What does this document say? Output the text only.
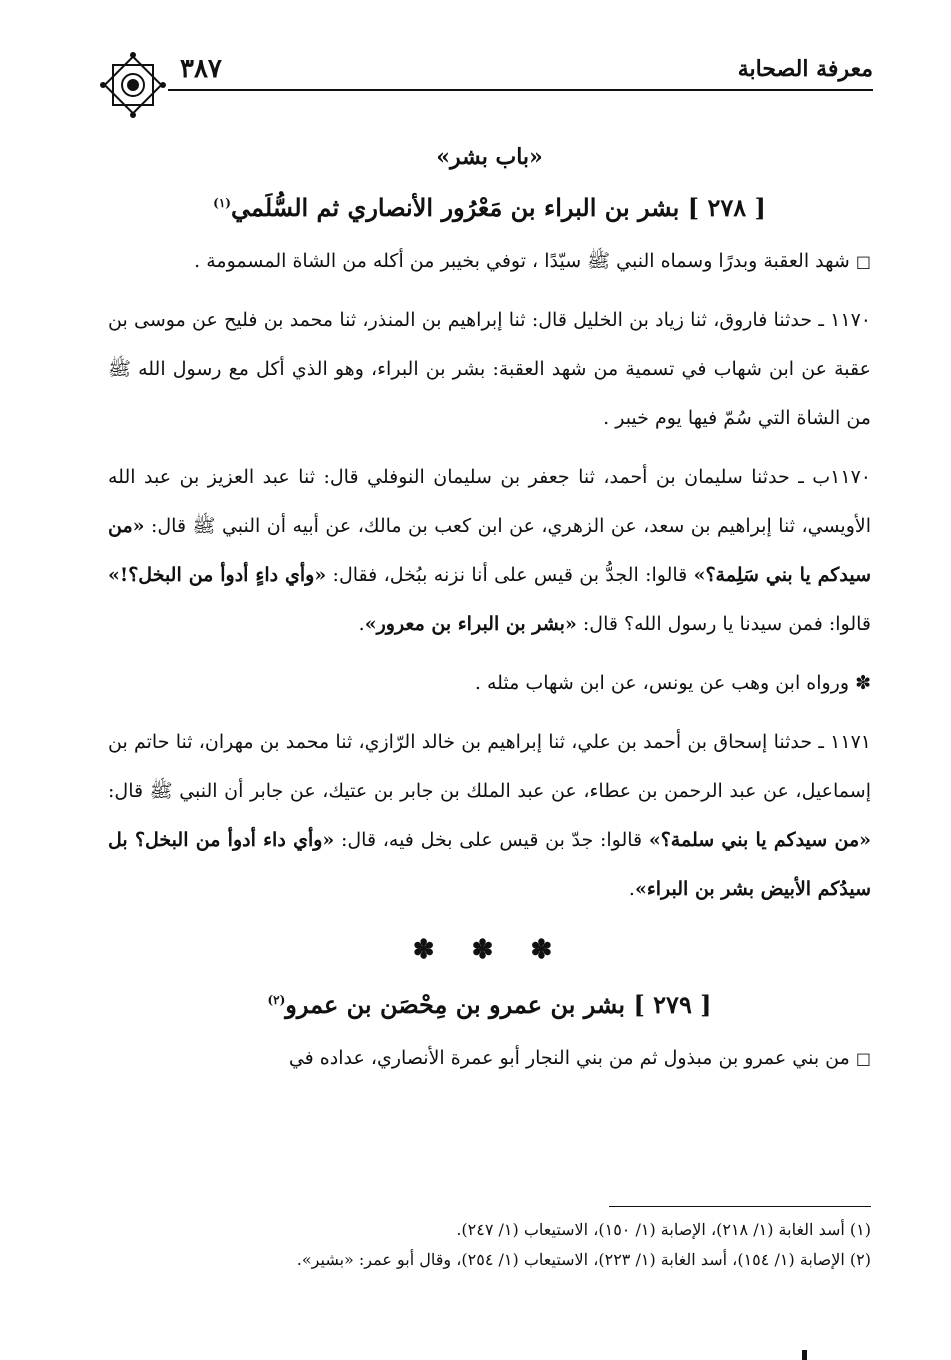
٣٨٧	معرفة الصحابة
«باب بشر»
[ ٢٧٨ ] بشر بن البراء بن مَعْرُور الأنصاري ثم السُّلَمي$^{(١)}$

□ شهد العقبة وبدرًا وسماه النبي ﷺ سيّدًا ، توفي بخيبر من أكله من الشاة المسمومة .

١١٧٠ ـ حدثنا فاروق، ثنا زياد بن الخليل قال: ثنا إبراهيم بن المنذر، ثنا محمد بن فليح عن موسى بن عقبة عن ابن شهاب في تسمية من شهد العقبة: بشر بن البراء، وهو الذي أكل مع رسول الله ﷺ من الشاة التي سُمّ فيها يوم خيبر .

١١٧٠ب ـ حدثنا سليمان بن أحمد، ثنا جعفر بن سليمان النوفلي قال: ثنا عبد العزيز بن عبد الله الأويسي، ثنا إبراهيم بن سعد، عن الزهري، عن ابن كعب بن مالك، عن أبيه أن النبي ﷺ قال: «من سيدكم يا بني سَلِمة؟» قالوا: الجدُّ بن قيس على أنا نزنه ببُخل، فقال: «وأي داءٍ أدوأ من البخل؟!» قالوا: فمن سيدنا يا رسول الله؟ قال: «بشر بن البراء بن معرور».

✽ ورواه ابن وهب عن يونس، عن ابن شهاب مثله .

١١٧١ ـ حدثنا إسحاق بن أحمد بن علي، ثنا إبراهيم بن خالد الرّازي، ثنا محمد بن مهران، ثنا حاتم بن إسماعيل، عن عبد الرحمن بن عطاء، عن عبد الملك بن جابر بن عتيك، عن جابر أن النبي ﷺ قال: «من سيدكم يا بني سلمة؟» قالوا: جدّ بن قيس على بخل فيه، قال: «وأي داء أدوأ من البخل؟ بل سيدُكم الأبيض بشر بن البراء».

✽ ✽ ✽
[ ٢٧٩ ] بشر بن عمرو بن مِحْصَن بن عمرو$^{(٢)}$

□ من بني عمرو بن مبذول ثم من بني النجار أبو عمرة الأنصاري، عداده في

(١) أسد الغابة (١/ ٢١٨)، الإصابة (١/ ١٥٠)، الاستيعاب (١/ ٢٤٧).
(٢) الإصابة (١/ ١٥٤)، أسد الغابة (١/ ٢٢٣)، الاستيعاب (١/ ٢٥٤)، وقال أبو عمر: «بشير».
